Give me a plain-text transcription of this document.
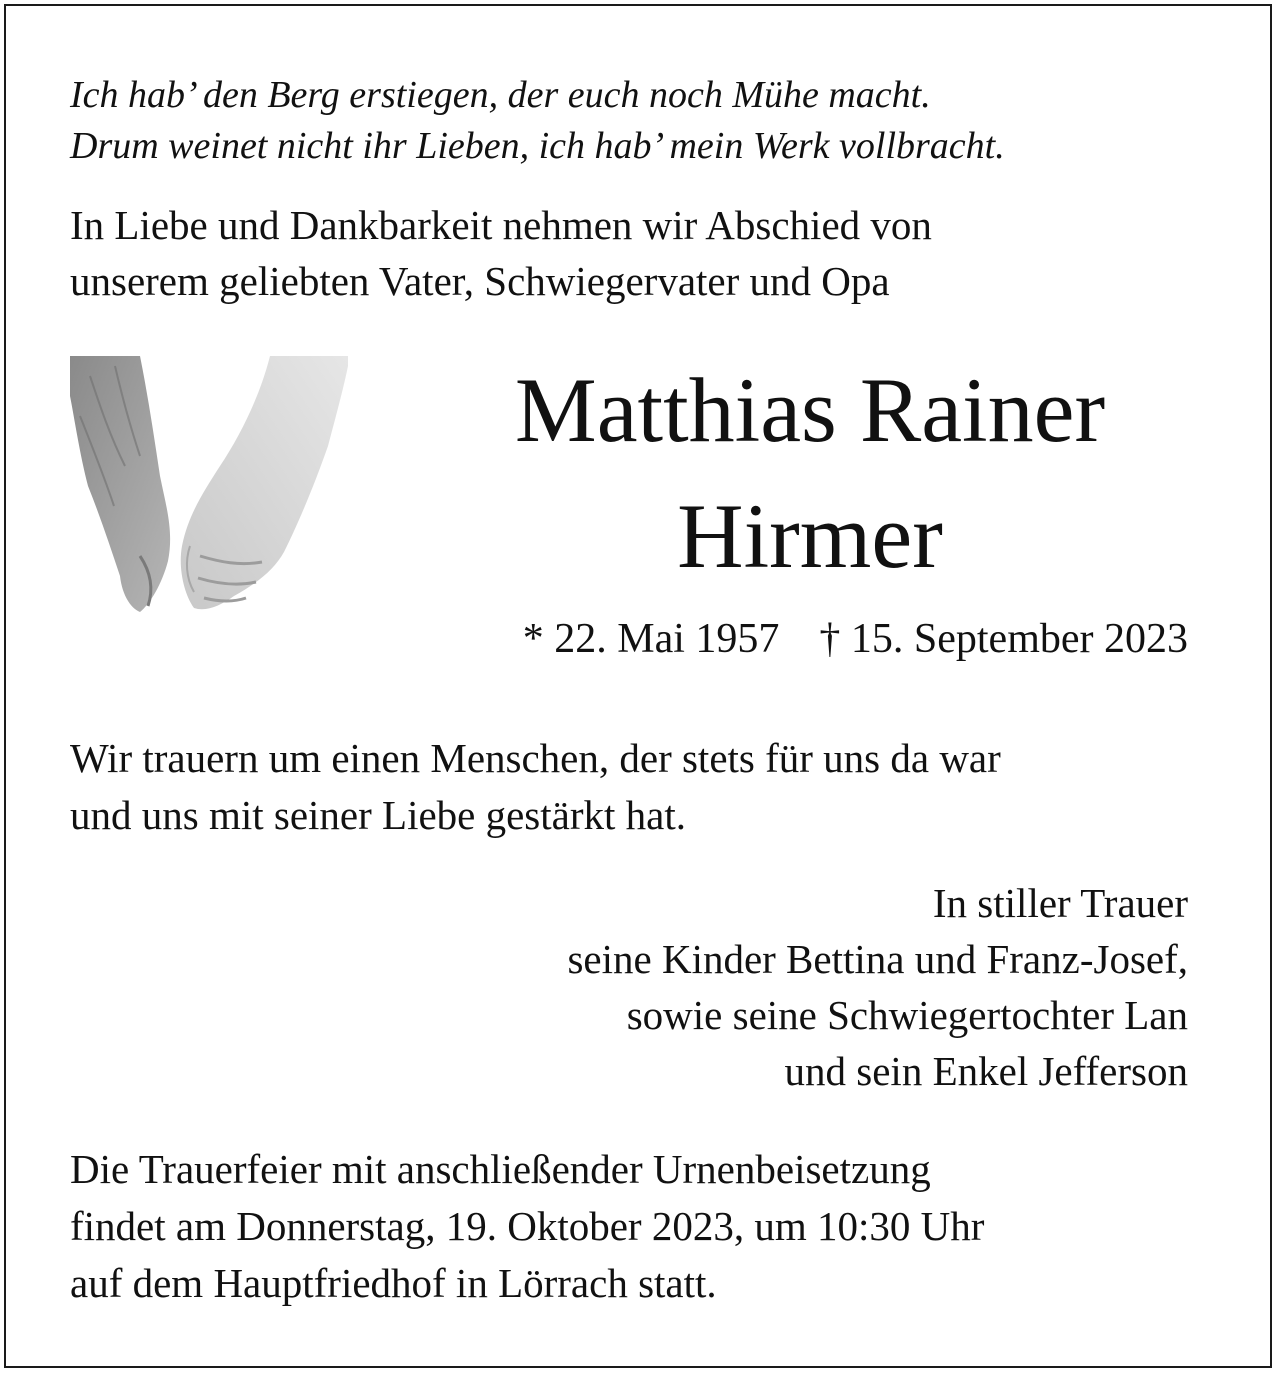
Ich hab’ den Berg erstiegen, der euch noch Mühe macht.

Drum weinet nicht ihr Lieben, ich hab’ mein Werk vollbracht.

In Liebe und Dankbarkeit nehmen wir Abschied von

unserem geliebten Vater, Schwiegervater und Opa

Matthias Rainer

Hirmer

* 22. Mai 1957 † 15. September 2023

Wir trauern um einen Menschen, der stets für uns da war

und uns mit seiner Liebe gestärkt hat.

In stiller Trauer

seine Kinder Bettina und Franz-Josef,

sowie seine Schwiegertochter Lan

und sein Enkel Jefferson

Die Trauerfeier mit anschließender Urnenbeisetzung

findet am Donnerstag, 19. Oktober 2023, um 10:30 Uhr

auf dem Hauptfriedhof in Lörrach statt.
